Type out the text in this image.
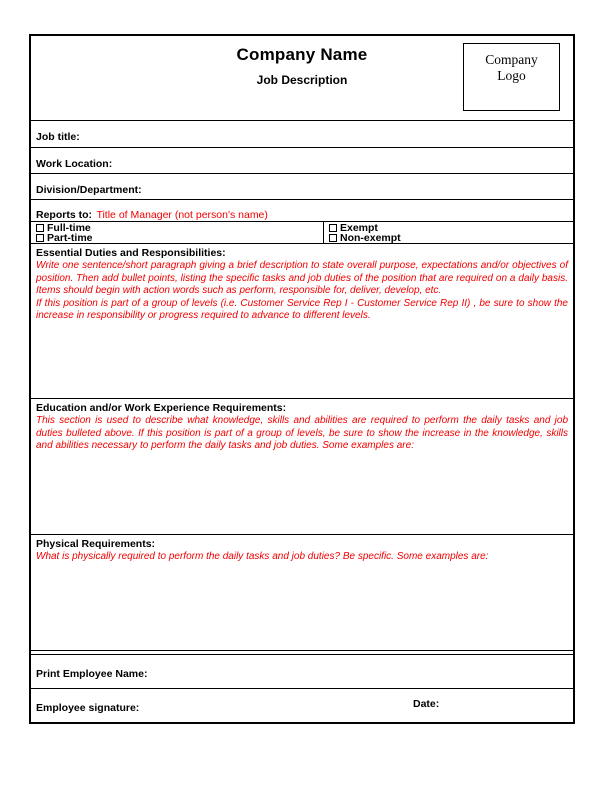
Company Name
Job Description
Company
Logo
Job title:
Work Location:
Division/Department:
Reports to: Title of Manager (not person's name)
Full-time
Part-time
Exempt
Non-exempt
Essential Duties and Responsibilities:

Write one sentence/short paragraph giving a brief description to state overall purpose, expectations and/or objectives of position. Then add bullet points, listing the specific tasks and job duties of the position that are required on a daily basis. Items should begin with action words such as perform, responsible for, deliver, develop, etc.

If this position is part of a group of levels (i.e. Customer Service Rep I - Customer Service Rep II) , be sure to show the increase in responsibility or progress required to advance to different levels.

Education and/or Work Experience Requirements:

This section is used to describe what knowledge, skills and abilities are required to perform the daily tasks and job duties bulleted above. If this position is part of a group of levels, be sure to show the increase in the knowledge, skills and abilities necessary to perform the daily tasks and job duties. Some examples are:

Physical Requirements:

What is physically required to perform the daily tasks and job duties? Be specific. Some examples are:

Print Employee Name:
Employee signature:	Date:
